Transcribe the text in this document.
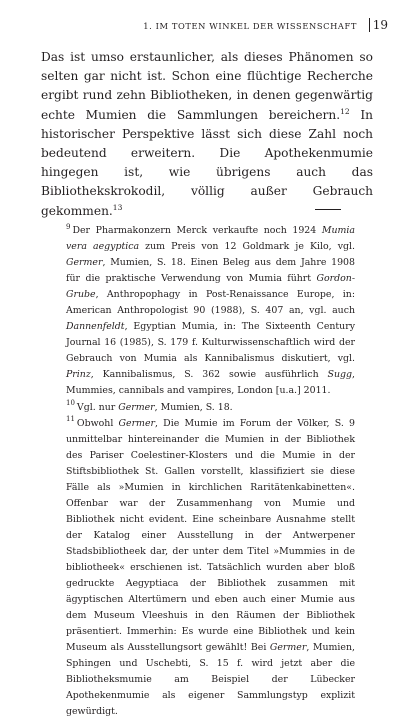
1. IM TOTEN WINKEL DER WISSENSCHAFT	19

Das ist umso erstaunlicher, als dieses Phänomen so selten gar nicht ist. Schon eine flüchtige Recherche ergibt rund zehn Bibliotheken, in denen gegenwärtig echte Mumien die Sammlungen bereichern.$^{12}$ In historischer Perspektive lässt sich diese Zahl noch bedeutend erweitern. Die Apothekenmumie hingegen ist, wie übrigens auch das Bibliothekskrokodil, völlig außer Gebrauch gekommen.$^{13}$

$^9$ Der Pharmakonzern Merck verkaufte noch 1924 Mumia vera aegyptica zum Preis von 12 Goldmark je Kilo, vgl. Germer, Mumien, S. 18. Einen Beleg aus dem Jahre 1908 für die praktische Verwendung von Mumia führt Gordon-Grube, Anthropophagy in Post-Renaissance Europe, in: American Anthropologist 90 (1988), S. 407 an, vgl. auch Dannenfeldt, Egyptian Mumia, in: The Sixteenth Century Journal 16 (1985), S. 179 f. Kulturwissenschaftlich wird der Gebrauch von Mumia als Kannibalismus diskutiert, vgl. Prinz, Kannibalismus, S. 362 sowie ausführlich Sugg, Mummies, cannibals and vampires, London [u.a.] 2011.

$^{10}$ Vgl. nur Germer, Mumien, S. 18.

$^{11}$ Obwohl Germer, Die Mumie im Forum der Völker, S. 9 unmittelbar hintereinander die Mumien in der Bibliothek des Pariser Coelestiner-Klosters und die Mumie in der Stiftsbibliothek St. Gallen vorstellt, klassifiziert sie diese Fälle als »Mumien in kirchlichen Raritätenkabinetten«. Offenbar war der Zusammenhang von Mumie und Bibliothek nicht evident. Eine scheinbare Ausnahme stellt der Katalog einer Ausstellung in der Antwerpener Stadsbibliotheek dar, der unter dem Titel »Mummies in de bibliotheek« erschienen ist. Tatsächlich wurden aber bloß gedruckte Aegyptiaca der Bibliothek zusammen mit ägyptischen Altertümern und eben auch einer Mumie aus dem Museum Vleeshuis in den Räumen der Bibliothek präsentiert. Immerhin: Es wurde eine Bibliothek und kein Museum als Ausstellungsort gewählt! Bei Germer, Mumien, Sphingen und Uschebti, S. 15 f. wird jetzt aber die Bibliotheksmumie am Beispiel der Lübecker Apothekenmumie als eigener Sammlungstyp explizit gewürdigt.
